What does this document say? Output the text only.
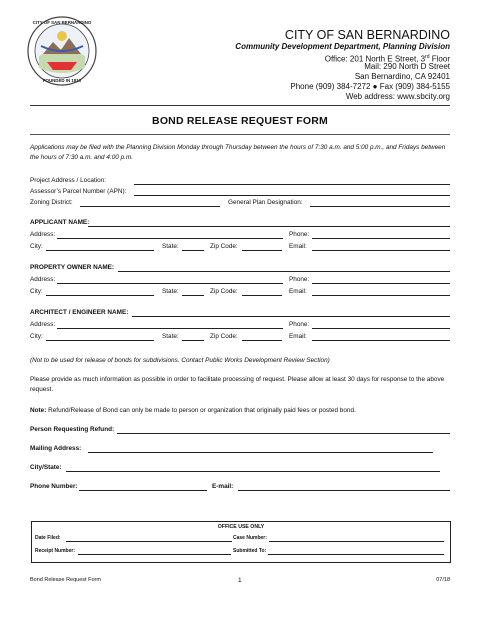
CITY OF SAN BERNARDINO
FOUNDED IN 1810
CITY OF SAN BERNARDINO
Community Development Department, Planning Division
Office: 201 North E Street, 3rd Floor
Mail: 290 North D Street
San Bernardino, CA 92401
Phone (909) 384-7272 ● Fax (909) 384-5155
Web address: www.sbcity.org
BOND RELEASE REQUEST FORM
Applications may be filed with the Planning Division Monday through Thursday between the hours of 7:30 a.m. and 5:00 p.m., and Fridays between the hours of 7:30 a.m. and 4:00 p.m.
Project Address / Location:
Assessor’s Parcel Number (APN):
Zoning District:	General Plan Designation:
APPLICANT NAME:
Address:	Phone:
City:	State:	Zip Code:	Email:
PROPERTY OWNER NAME:
Address:	Phone:
City:	State:	Zip Code:	Email:
ARCHITECT / ENGINEER NAME:
Address:	Phone:
City:	State:	Zip Code:	Email:
(Not to be used for release of bonds for subdivisions. Contact Public Works Development Review Section)
Please provide as much information as possible in order to facilitate processing of request. Please allow at least 30 days for response to the above request.
Note: Refund/Release of Bond can only be made to person or organization that originally paid fees or posted bond.
Person Requesting Refund:
Mailing Address:
City/State:
Phone Number:	E-mail:
OFFICE USE ONLY
Date Filed:	Case Number:
Receipt Number:	Submitted To:
Bond Release Request Form	1	07/18
